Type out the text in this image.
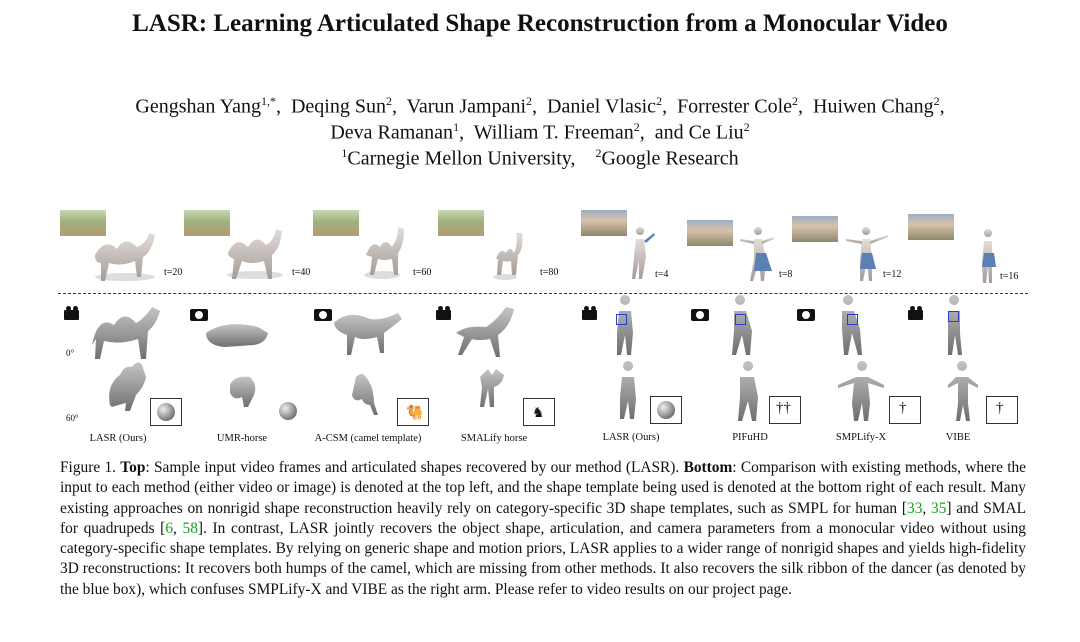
LASR: Learning Articulated Shape Reconstruction from a Monocular Video
Gengshan Yang$^{1,*}$,  Deqing Sun$^2$,  Varun Jampani$^2$,  Daniel Vlasic$^2$,  Forrester Cole$^2$,  Huiwen Chang$^2$,
Deva Ramanan$^1$,  William T. Freeman$^2$,  and Ce Liu$^2$
$^1$Carnegie Mellon University,    $^2$Google Research
t=20	t=40	t=60	t=80	t=4	t=8	t=12	t=16
0°
60°	🐫	♞	††	†	†
LASR (Ours)	UMR-horse	A-CSM (camel template)	SMALify horse	LASR (Ours)	PIFuHD	SMPLify-X	VIBE
Figure 1. Top: Sample input video frames and articulated shapes recovered by our method (LASR). Bottom: Comparison with existing methods, where the input to each method (either video or image) is denoted at the top left, and the shape template being used is denoted at the bottom right of each result. Many existing approaches on nonrigid shape reconstruction heavily rely on category-specific 3D shape templates, such as SMPL for human [33, 35] and SMAL for quadrupeds [6, 58]. In contrast, LASR jointly recovers the object shape, articulation, and camera parameters from a monocular video without using category-specific shape templates. By relying on generic shape and motion priors, LASR applies to a wider range of nonrigid shapes and yields high-fidelity 3D reconstructions: It recovers both humps of the camel, which are missing from other methods. It also recovers the silk ribbon of the dancer (as denoted by the blue box), which confuses SMPLify-X and VIBE as the right arm. Please refer to video results on our project page.
